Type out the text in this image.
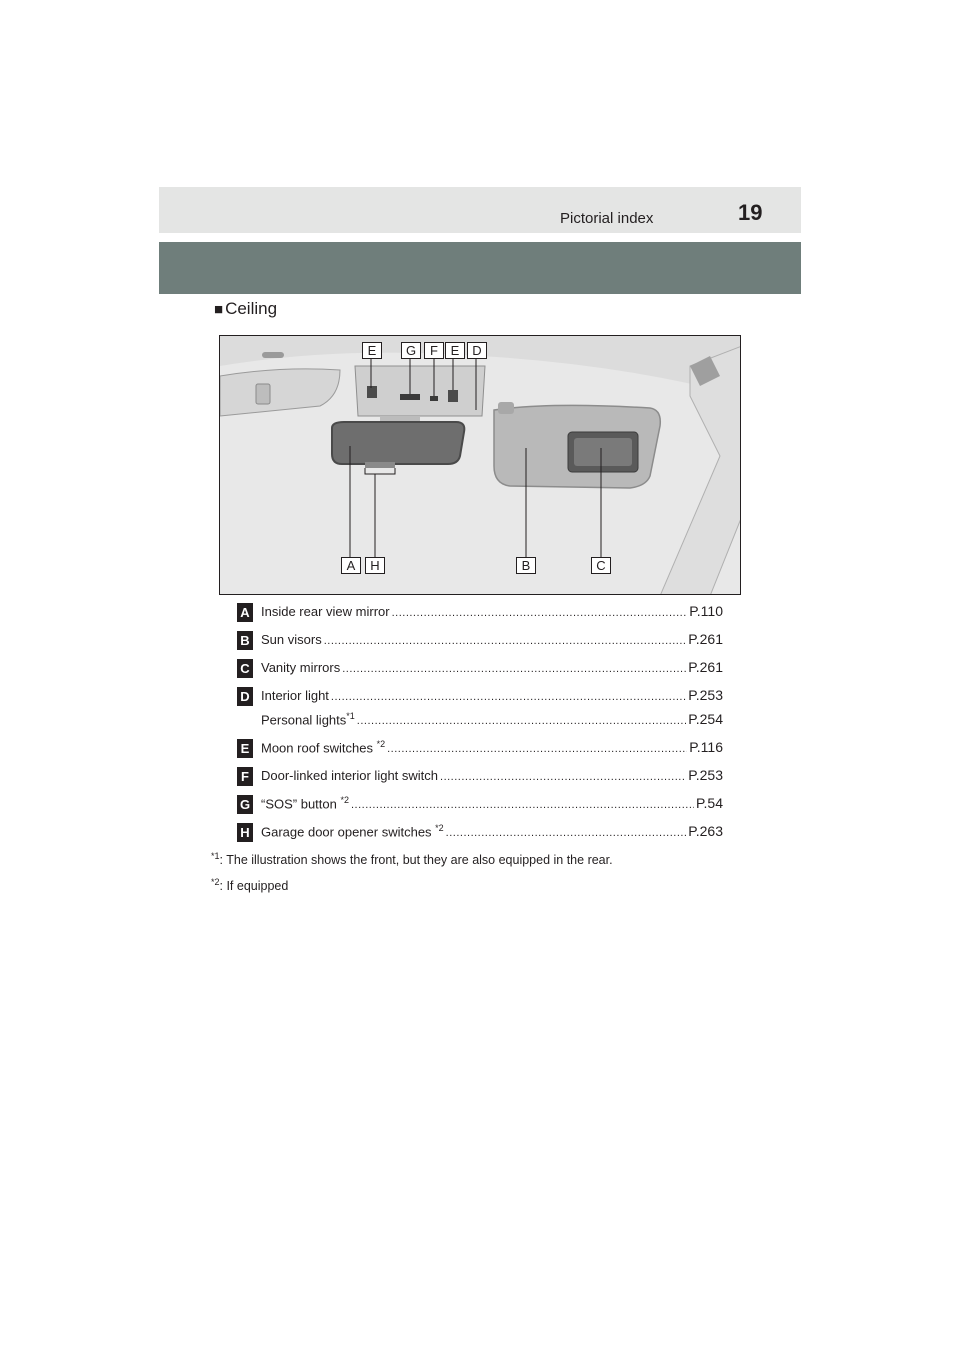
Pictorial index	19
■ Ceiling
E	G	F E D
A	H	B	C
A Inside rear view mirror .....	P.110
B Sun visors .....	P.261
C Vanity mirrors .....	P.261
D Interior light .....	P.253
Personal lights$^{*1}$ .....	P.254
E Moon roof switches $^{*2}$ .....	P.116
F Door-linked interior light switch .....	P.253
G “SOS” button $^{*2}$ .....	P.54
H Garage door opener switches $^{*2}$ .....	P.263
$^{*1}$: The illustration shows the front, but they are also equipped in the rear.
$^{*2}$: If equipped
